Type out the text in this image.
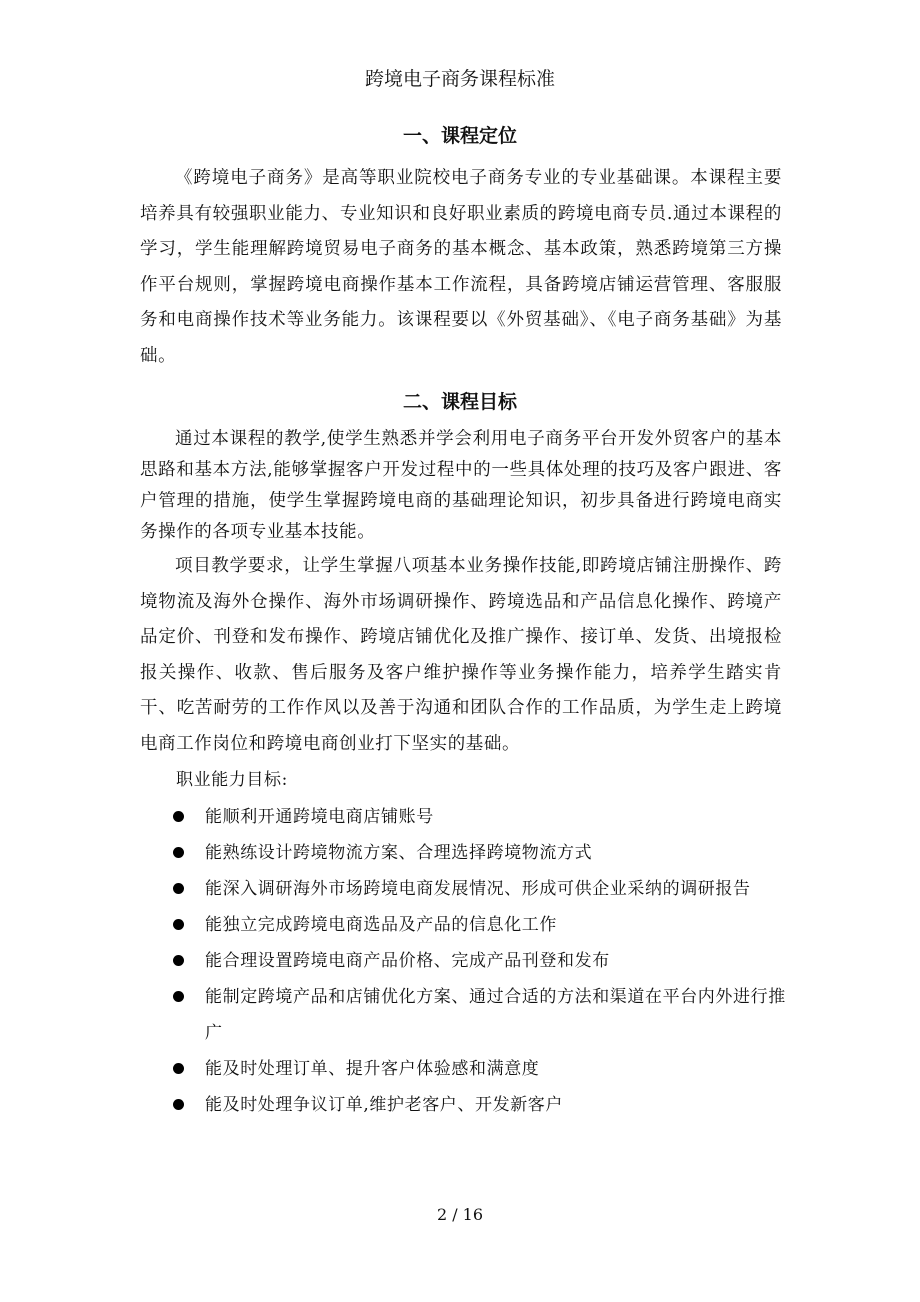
跨境电子商务课程标准
一、课程定位
《跨境电子商务》是高等职业院校电子商务专业的专业基础课。本课程主要培养具有较强职业能力、专业知识和良好职业素质的跨境电商专员.通过本课程的学习，学生能理解跨境贸易电子商务的基本概念、基本政策，熟悉跨境第三方操作平台规则，掌握跨境电商操作基本工作流程，具备跨境店铺运营管理、客服服务和电商操作技术等业务能力。该课程要以《外贸基础》、《电子商务基础》为基础。
二、课程目标
通过本课程的教学,使学生熟悉并学会利用电子商务平台开发外贸客户的基本思路和基本方法,能够掌握客户开发过程中的一些具体处理的技巧及客户跟进、客户管理的措施，使学生掌握跨境电商的基础理论知识，初步具备进行跨境电商实务操作的各项专业基本技能。
项目教学要求，让学生掌握八项基本业务操作技能,即跨境店铺注册操作、跨境物流及海外仓操作、海外市场调研操作、跨境选品和产品信息化操作、跨境产品定价、刊登和发布操作、跨境店铺优化及推广操作、接订单、发货、出境报检报关操作、收款、售后服务及客户维护操作等业务操作能力，培养学生踏实肯干、吃苦耐劳的工作作风以及善于沟通和团队合作的工作品质，为学生走上跨境电商工作岗位和跨境电商创业打下坚实的基础。
职业能力目标:
能顺利开通跨境电商店铺账号
能熟练设计跨境物流方案、合理选择跨境物流方式
能深入调研海外市场跨境电商发展情况、形成可供企业采纳的调研报告
能独立完成跨境电商选品及产品的信息化工作
能合理设置跨境电商产品价格、完成产品刊登和发布
能制定跨境产品和店铺优化方案、通过合适的方法和渠道在平台内外进行推广
能及时处理订单、提升客户体验感和满意度
能及时处理争议订单,维护老客户、开发新客户
2 / 16
